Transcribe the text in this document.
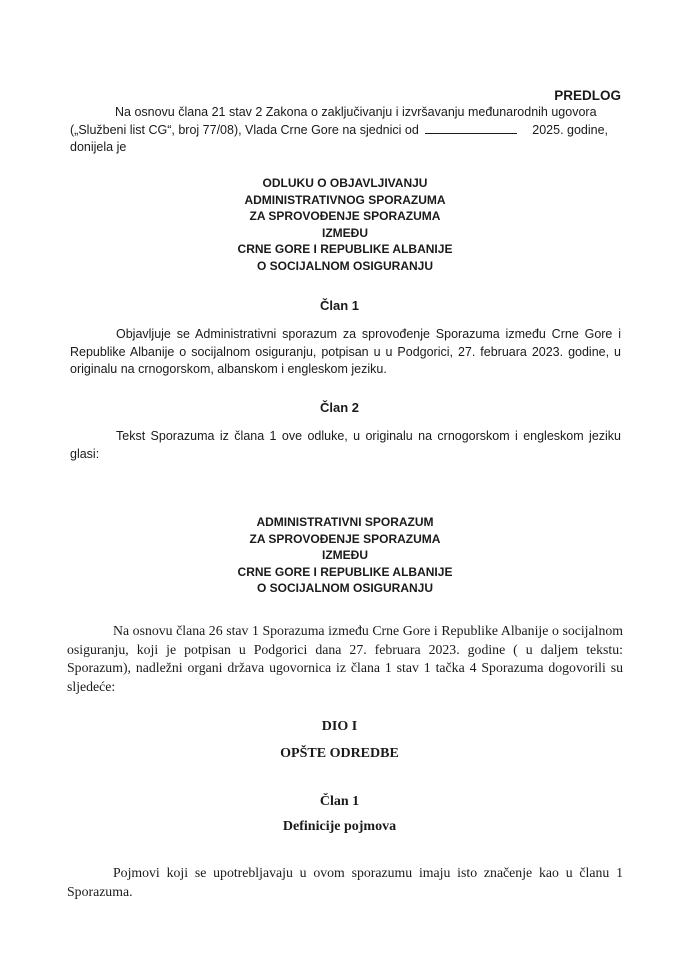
PREDLOG
Na osnovu člana 21 stav 2 Zakona o zaključivanju i izvršavanju međunarodnih ugovora
(„Službeni list CG“, broj 77/08), Vlada Crne Gore na sjednici od	2025. godine,
donijela je
ODLUKU O OBJAVLJIVANJU
ADMINISTRATIVNOG SPORAZUMA
ZA SPROVOĐENJE SPORAZUMA
IZMEĐU
CRNE GORE I REPUBLIKE ALBANIJE
O SOCIJALNOM OSIGURANJU
Član 1
Objavljuje se Administrativni sporazum za sprovođenje Sporazuma između Crne Gore i Republike Albanije o socijalnom osiguranju, potpisan u u Podgorici, 27. februara 2023. godine, u originalu na crnogorskom, albanskom i engleskom jeziku.
Član 2
Tekst Sporazuma iz člana 1 ove odluke, u originalu na crnogorskom i engleskom jeziku glasi:
ADMINISTRATIVNI SPORAZUM
ZA SPROVOĐENJE SPORAZUMA
IZMEĐU
CRNE GORE I REPUBLIKE ALBANIJE
O SOCIJALNOM OSIGURANJU
Na osnovu člana 26 stav 1 Sporazuma između Crne Gore i Republike Albanije o socijalnom osiguranju, koji je potpisan u Podgorici dana 27. februara 2023. godine ( u daljem tekstu: Sporazum), nadležni organi država ugovornica iz člana 1 stav 1 tačka 4 Sporazuma dogovorili su sljedeće:
DIO I
OPŠTE ODREDBE
Član 1
Definicije pojmova
Pojmovi koji se upotrebljavaju u ovom sporazumu imaju isto značenje kao u članu 1 Sporazuma.
